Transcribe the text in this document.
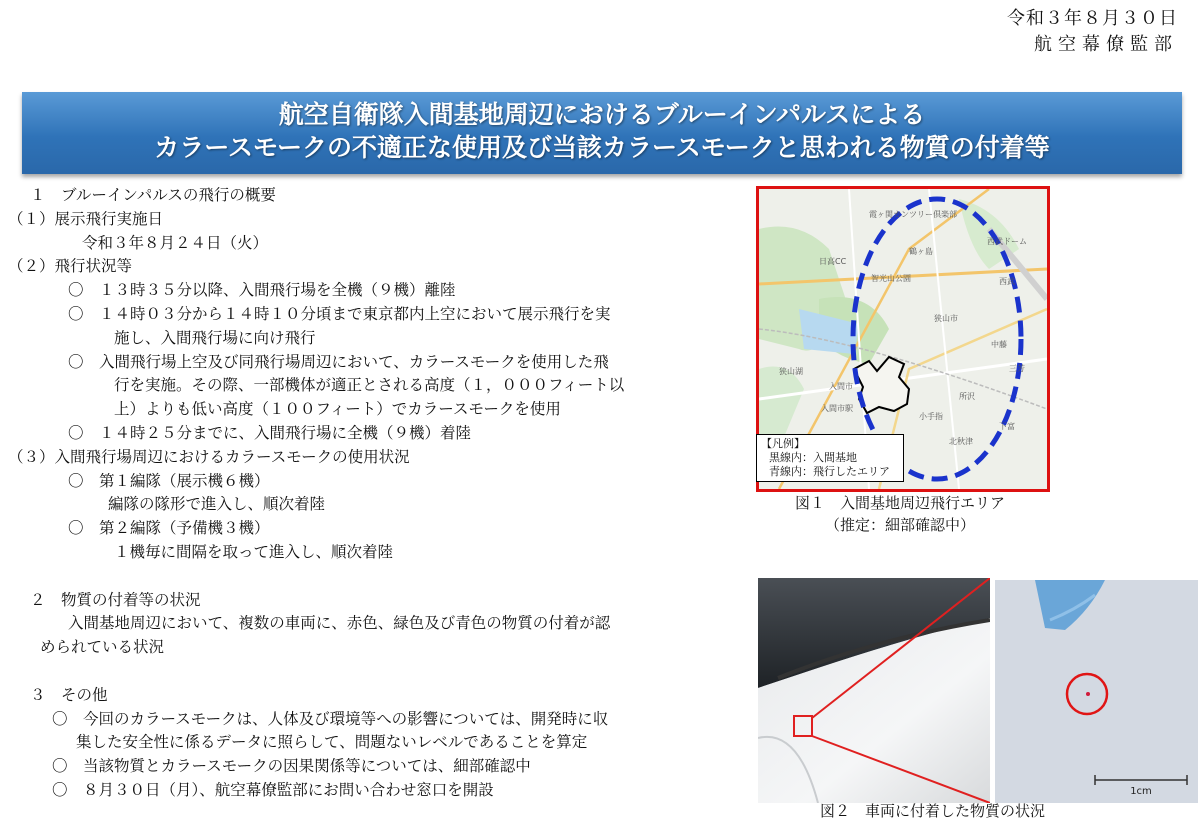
令和３年８月３０日
航空幕僚監部
航空自衛隊入間基地周辺におけるブルーインパルスによる
カラースモークの不適正な使用及び当該カラースモークと思われる物質の付着等
１　ブルーインパルスの飛行の概要
（１）展示飛行実施日
令和３年８月２４日（火）
（２）飛行状況等
〇　１３時３５分以降、入間飛行場を全機（９機）離陸
〇　１４時０３分から１４時１０分頃まで東京都内上空において展示飛行を実
施し、入間飛行場に向け飛行
〇　入間飛行場上空及び同飛行場周辺において、カラースモークを使用した飛
行を実施。その際、一部機体が適正とされる高度（１，０００フィート以
上）よりも低い高度（１００フィート）でカラースモークを使用
〇　１４時２５分までに、入間飛行場に全機（９機）着陸
（３）入間飛行場周辺におけるカラースモークの使用状況
〇　第１編隊（展示機６機）
編隊の隊形で進入し、順次着陸
〇　第２編隊（予備機３機）
１機毎に間隔を取って進入し、順次着陸
２　物質の付着等の状況
入間基地周辺において、複数の車両に、赤色、緑色及び青色の物質の付着が認
められている状況
３　その他
〇　今回のカラースモークは、人体及び環境等への影響については、開発時に収
集した安全性に係るデータに照らして、問題ないレベルであることを算定
〇　当該物質とカラースモークの因果関係等については、細部確認中
〇　８月３０日（月）、航空幕僚監部にお問い合わせ窓口を開設
霞ヶ関カンツリー倶楽部
日高CC
鶴ヶ島
智光山公園
狭山市
西武
中藤
入間市
入間市駅
三芳
下富
北秋津
所沢
小手指
狭山湖
西武ドーム
【凡例】
黒線内：入間基地
青線内：飛行したエリア
図１　入間基地周辺飛行エリア
（推定：細部確認中）
1cm
図２　車両に付着した物質の状況
